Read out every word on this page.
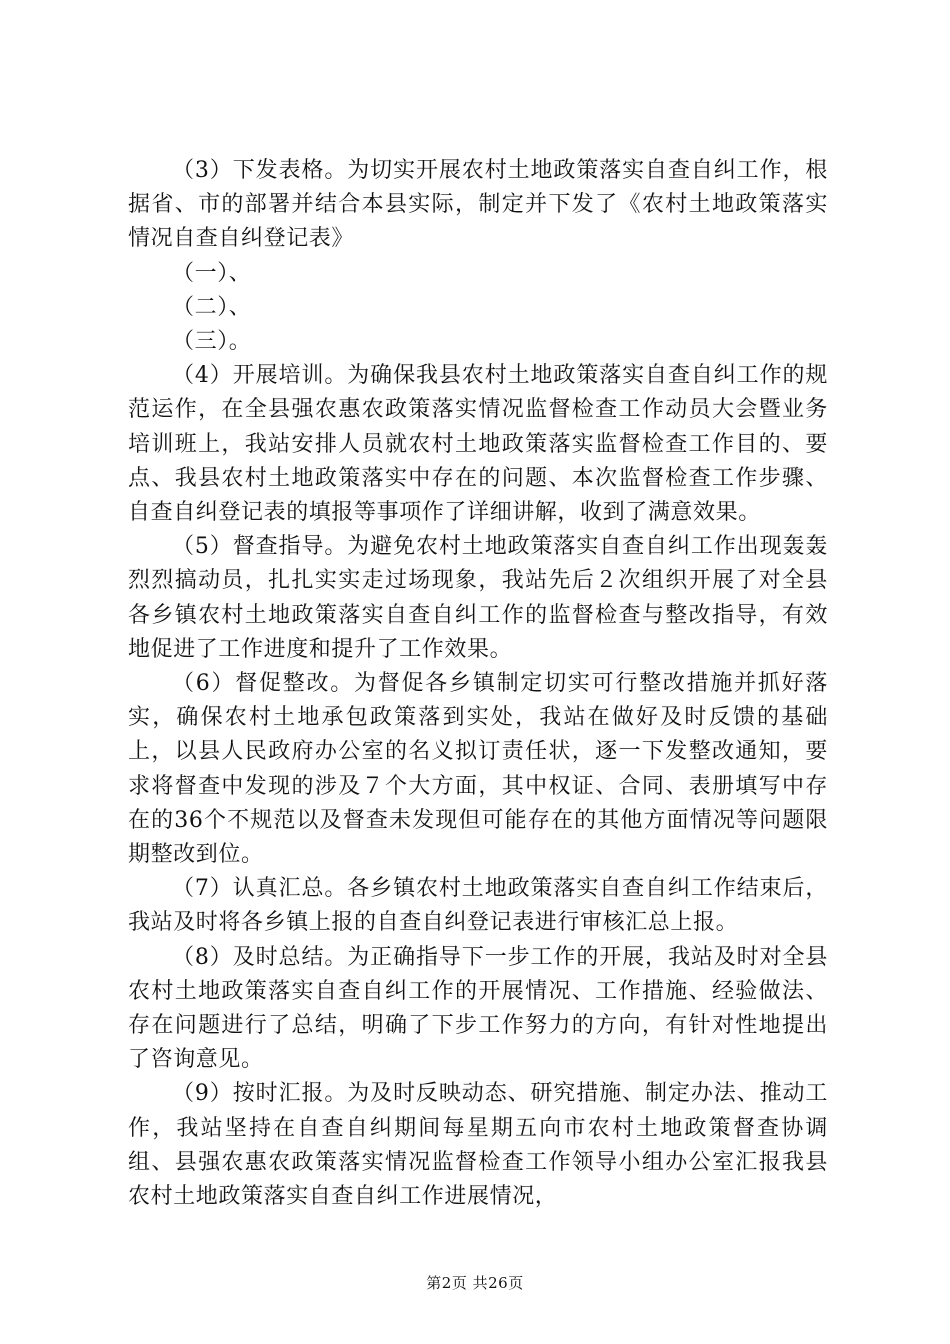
（3）下发表格。为切实开展农村土地政策落实自查自纠工作，根据省、市的部署并结合本县实际，制定并下发了《农村土地政策落实情况自查自纠登记表》

（一）、

（二）、

（三）。

（4）开展培训。为确保我县农村土地政策落实自查自纠工作的规范运作，在全县强农惠农政策落实情况监督检查工作动员大会暨业务培训班上，我站安排人员就农村土地政策落实监督检查工作目的、要点、我县农村土地政策落实中存在的问题、本次监督检查工作步骤、自查自纠登记表的填报等事项作了详细讲解，收到了满意效果。

（5）督查指导。为避免农村土地政策落实自查自纠工作出现轰轰烈烈搞动员，扎扎实实走过场现象，我站先后２次组织开展了对全县各乡镇农村土地政策落实自查自纠工作的监督检查与整改指导，有效地促进了工作进度和提升了工作效果。

（6）督促整改。为督促各乡镇制定切实可行整改措施并抓好落实，确保农村土地承包政策落到实处，我站在做好及时反馈的基础上，以县人民政府办公室的名义拟订责任状，逐一下发整改通知，要求将督查中发现的涉及７个大方面，其中权证、合同、表册填写中存在的36个不规范以及督查未发现但可能存在的其他方面情况等问题限期整改到位。

（7）认真汇总。各乡镇农村土地政策落实自查自纠工作结束后，我站及时将各乡镇上报的自查自纠登记表进行审核汇总上报。

（8）及时总结。为正确指导下一步工作的开展，我站及时对全县农村土地政策落实自查自纠工作的开展情况、工作措施、经验做法、存在问题进行了总结，明确了下步工作努力的方向，有针对性地提出了咨询意见。

（9）按时汇报。为及时反映动态、研究措施、制定办法、推动工作，我站坚持在自查自纠期间每星期五向市农村土地政策督查协调组、县强农惠农政策落实情况监督检查工作领导小组办公室汇报我县农村土地政策落实自查自纠工作进展情况，

第2页 共26页
